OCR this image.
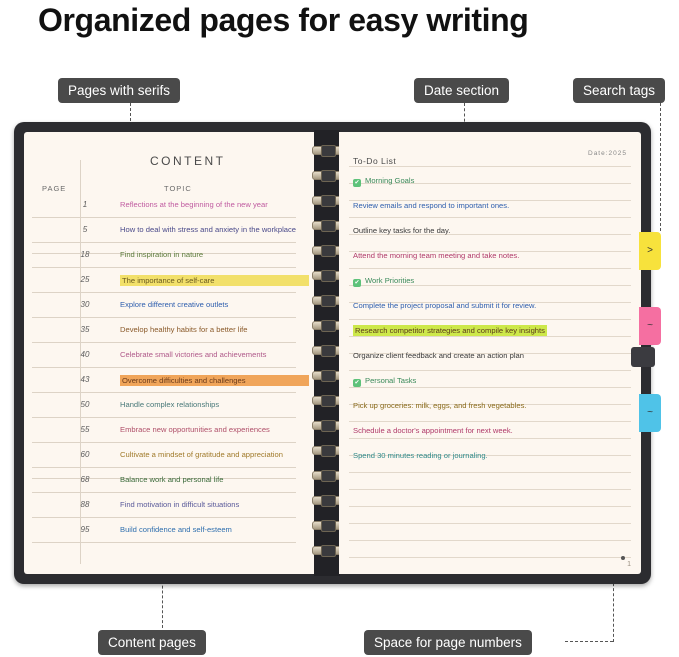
Organized pages for easy writing
Pages with serifs	Date section	Search tags
Content pages	Space for page numbers
CONTENT
PAGE	TOPIC
1	Reflections at the beginning of the new year
5	How to deal with stress and anxiety in the workplace
18	Find inspiration in nature
25	The importance of self-care
30	Explore different creative outlets
35	Develop healthy habits for a better life
40	Celebrate small victories and achievements
43	Overcome difficulties and challenges
50	Handle complex relationships
55	Embrace new opportunities and experiences
60	Cultivate a mindset of gratitude and appreciation
68	Balance work and personal life
88	Find motivation in difficult situations
95	Build confidence and self-esteem
Date:2025
To-Do List
✔ Morning Goals
Review emails and respond to important ones.
Outline key tasks for the day.
Attend the morning team meeting and take notes.
✔ Work Priorities
Complete the project proposal and submit it for review.
Research competitor strategies and compile key insights
Organize client feedback and create an action plan
✔ Personal Tasks
Pick up groceries: milk, eggs, and fresh vegetables.
Schedule a doctor's appointment for next week.
Spend 30 minutes reading or journaling.
1
>
~
~
